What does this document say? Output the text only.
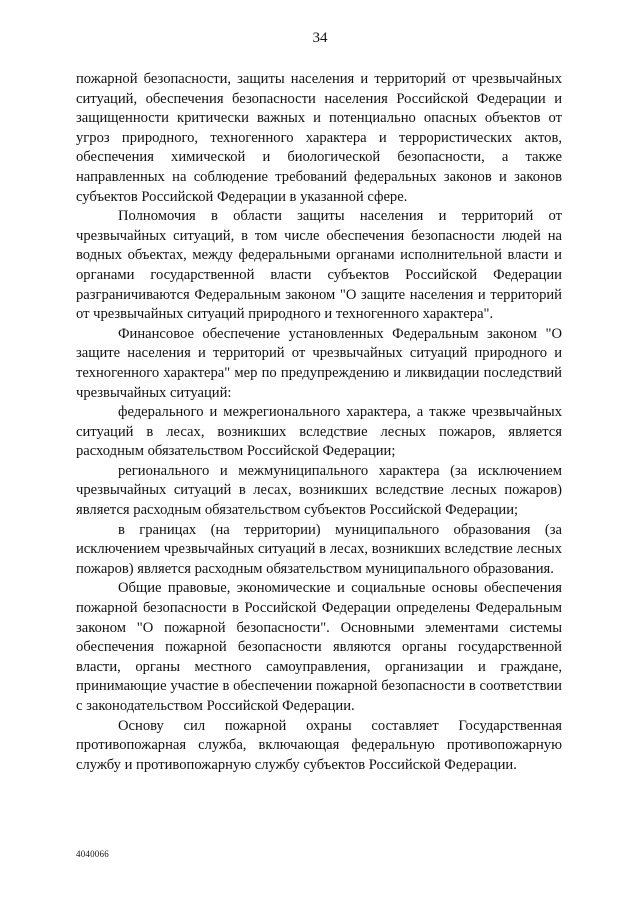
34

пожарной безопасности, защиты населения и территорий от чрезвычайных ситуаций, обеспечения безопасности населения Российской Федерации и защищенности критически важных и потенциально опасных объектов от угроз природного, техногенного характера и террористических актов, обеспечения химической и биологической безопасности, а также направленных на соблюдение требований федеральных законов и законов субъектов Российской Федерации в указанной сфере.

Полномочия в области защиты населения и территорий от чрезвычайных ситуаций, в том числе обеспечения безопасности людей на водных объектах, между федеральными органами исполнительной власти и органами государственной власти субъектов Российской Федерации разграничиваются Федеральным законом "О защите населения и территорий от чрезвычайных ситуаций природного и техногенного характера".

Финансовое обеспечение установленных Федеральным законом "О защите населения и территорий от чрезвычайных ситуаций природного и техногенного характера" мер по предупреждению и ликвидации последствий чрезвычайных ситуаций:

федерального и межрегионального характера, а также чрезвычайных ситуаций в лесах, возникших вследствие лесных пожаров, является расходным обязательством Российской Федерации;

регионального и межмуниципального характера (за исключением чрезвычайных ситуаций в лесах, возникших вследствие лесных пожаров) является расходным обязательством субъектов Российской Федерации;

в границах (на территории) муниципального образования (за исключением чрезвычайных ситуаций в лесах, возникших вследствие лесных пожаров) является расходным обязательством муниципального образования.

Общие правовые, экономические и социальные основы обеспечения пожарной безопасности в Российской Федерации определены Федеральным законом "О пожарной безопасности". Основными элементами системы обеспечения пожарной безопасности являются органы государственной власти, органы местного самоуправления, организации и граждане, принимающие участие в обеспечении пожарной безопасности в соответствии с законодательством Российской Федерации.

Основу сил пожарной охраны составляет Государственная противопожарная служба, включающая федеральную противопожарную службу и противопожарную службу субъектов Российской Федерации.

4040066
